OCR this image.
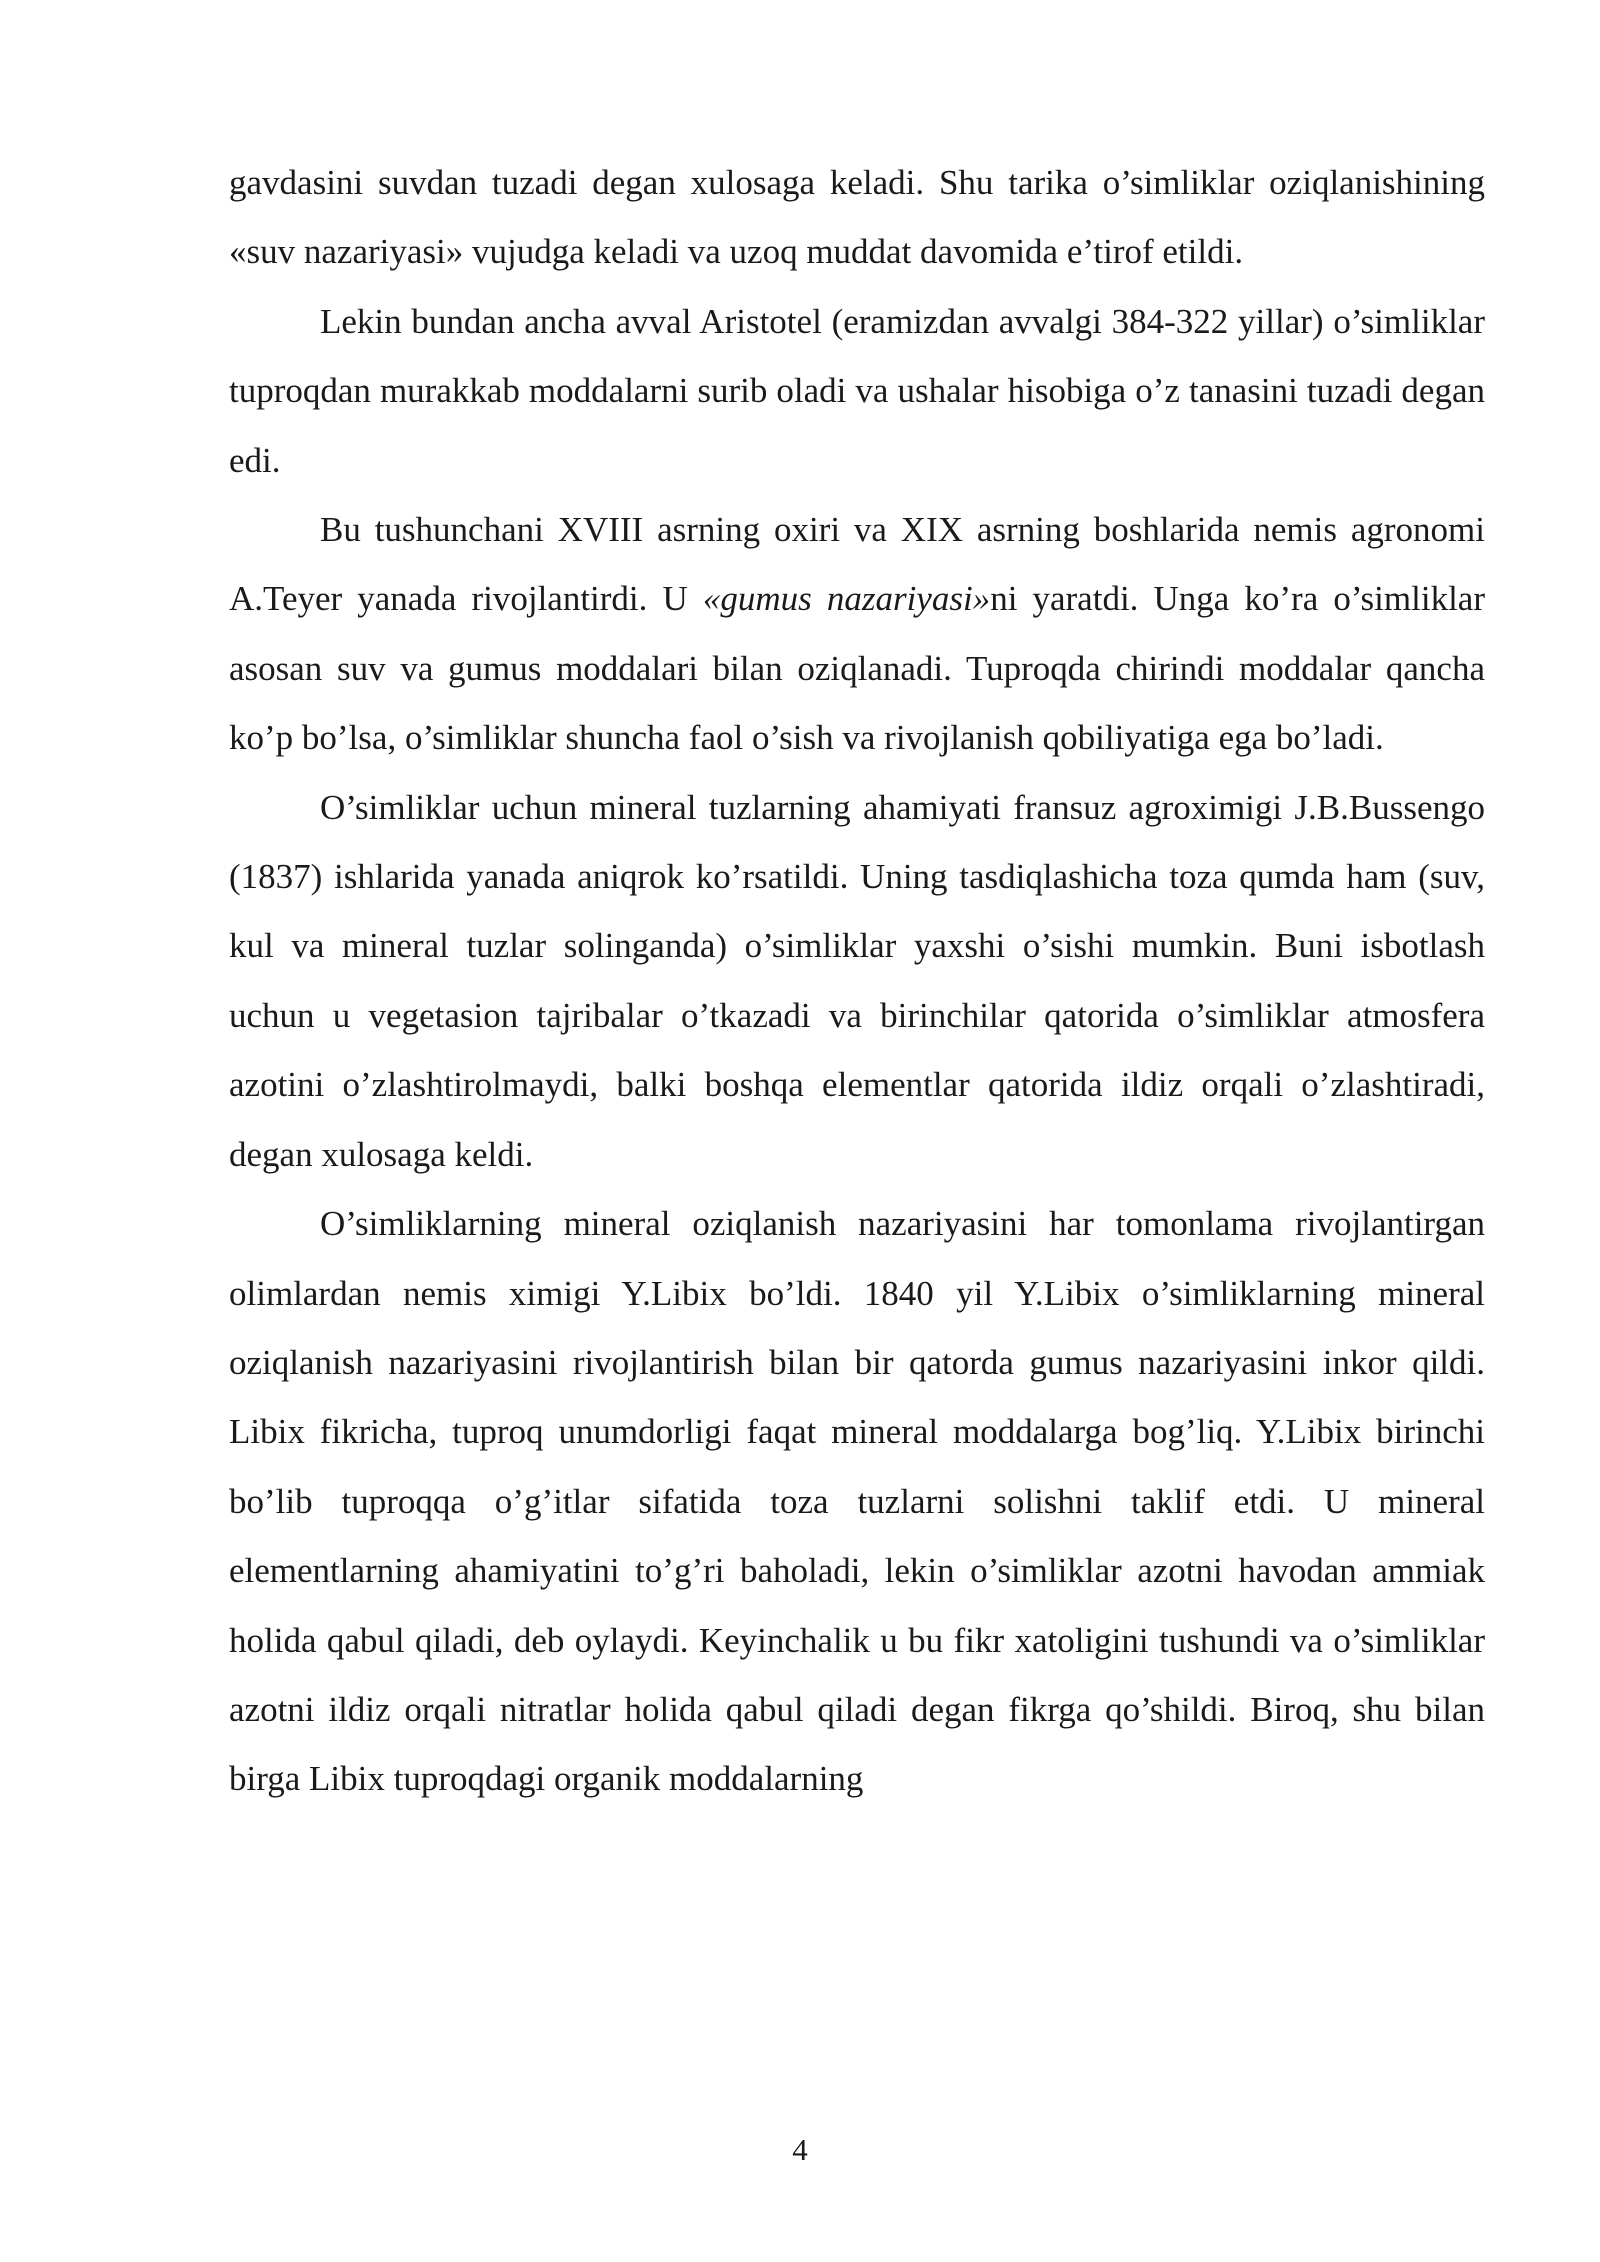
gavdasini suvdan tuzadi degan xulosaga keladi. Shu tarika o’simliklar oziqlanishining «suv nazariyasi» vujudga keladi va uzoq muddat davomida e’tirof etildi.

Lekin bundan ancha avval Aristotel (eramizdan avvalgi 384-322 yillar) o’simliklar tuproqdan murakkab moddalarni surib oladi va ushalar hisobiga o’z tanasini tuzadi degan edi.

Bu tushunchani XVIII asrning oxiri va XIX asrning boshlarida nemis agronomi A.Teyer yanada rivojlantirdi. U «gumus nazariyasi»ni yaratdi. Unga ko’ra o’simliklar asosan suv va gumus moddalari bilan oziqlanadi. Tuproqda chirindi moddalar qancha ko’p bo’lsa, o’simliklar shuncha faol o’sish va rivojlanish qobiliyatiga ega bo’ladi.

O’simliklar uchun mineral tuzlarning ahamiyati fransuz agroximigi J.B.Bussengo (1837) ishlarida yanada aniqrok ko’rsatildi. Uning tasdiqlashicha toza qumda ham (suv, kul va mineral tuzlar solinganda) o’simliklar yaxshi o’sishi mumkin. Buni isbotlash uchun u vegetasion tajribalar o’tkazadi va birinchilar qatorida o’simliklar atmosfera azotini o’zlashtirolmaydi, balki boshqa elementlar qatorida ildiz orqali o’zlashtiradi, degan xulosaga keldi.

O’simliklarning mineral oziqlanish nazariyasini har tomonlama rivojlantirgan olimlardan nemis ximigi Y.Libix bo’ldi. 1840 yil Y.Libix o’simliklarning mineral oziqlanish nazariyasini rivojlantirish bilan bir qatorda gumus nazariyasini inkor qildi. Libix fikricha, tuproq unumdorligi faqat mineral moddalarga bog’liq. Y.Libix birinchi bo’lib tuproqqa o’g’itlar sifatida toza tuzlarni solishni taklif etdi. U mineral elementlarning ahamiyatini to’g’ri baholadi, lekin o’simliklar azotni havodan ammiak holida qabul qiladi, deb oylaydi. Keyinchalik u bu fikr xatoligini tushundi va o’simliklar azotni ildiz orqali nitratlar holida qabul qiladi degan fikrga qo’shildi. Biroq, shu bilan birga Libix tuproqdagi organik moddalarning

4
